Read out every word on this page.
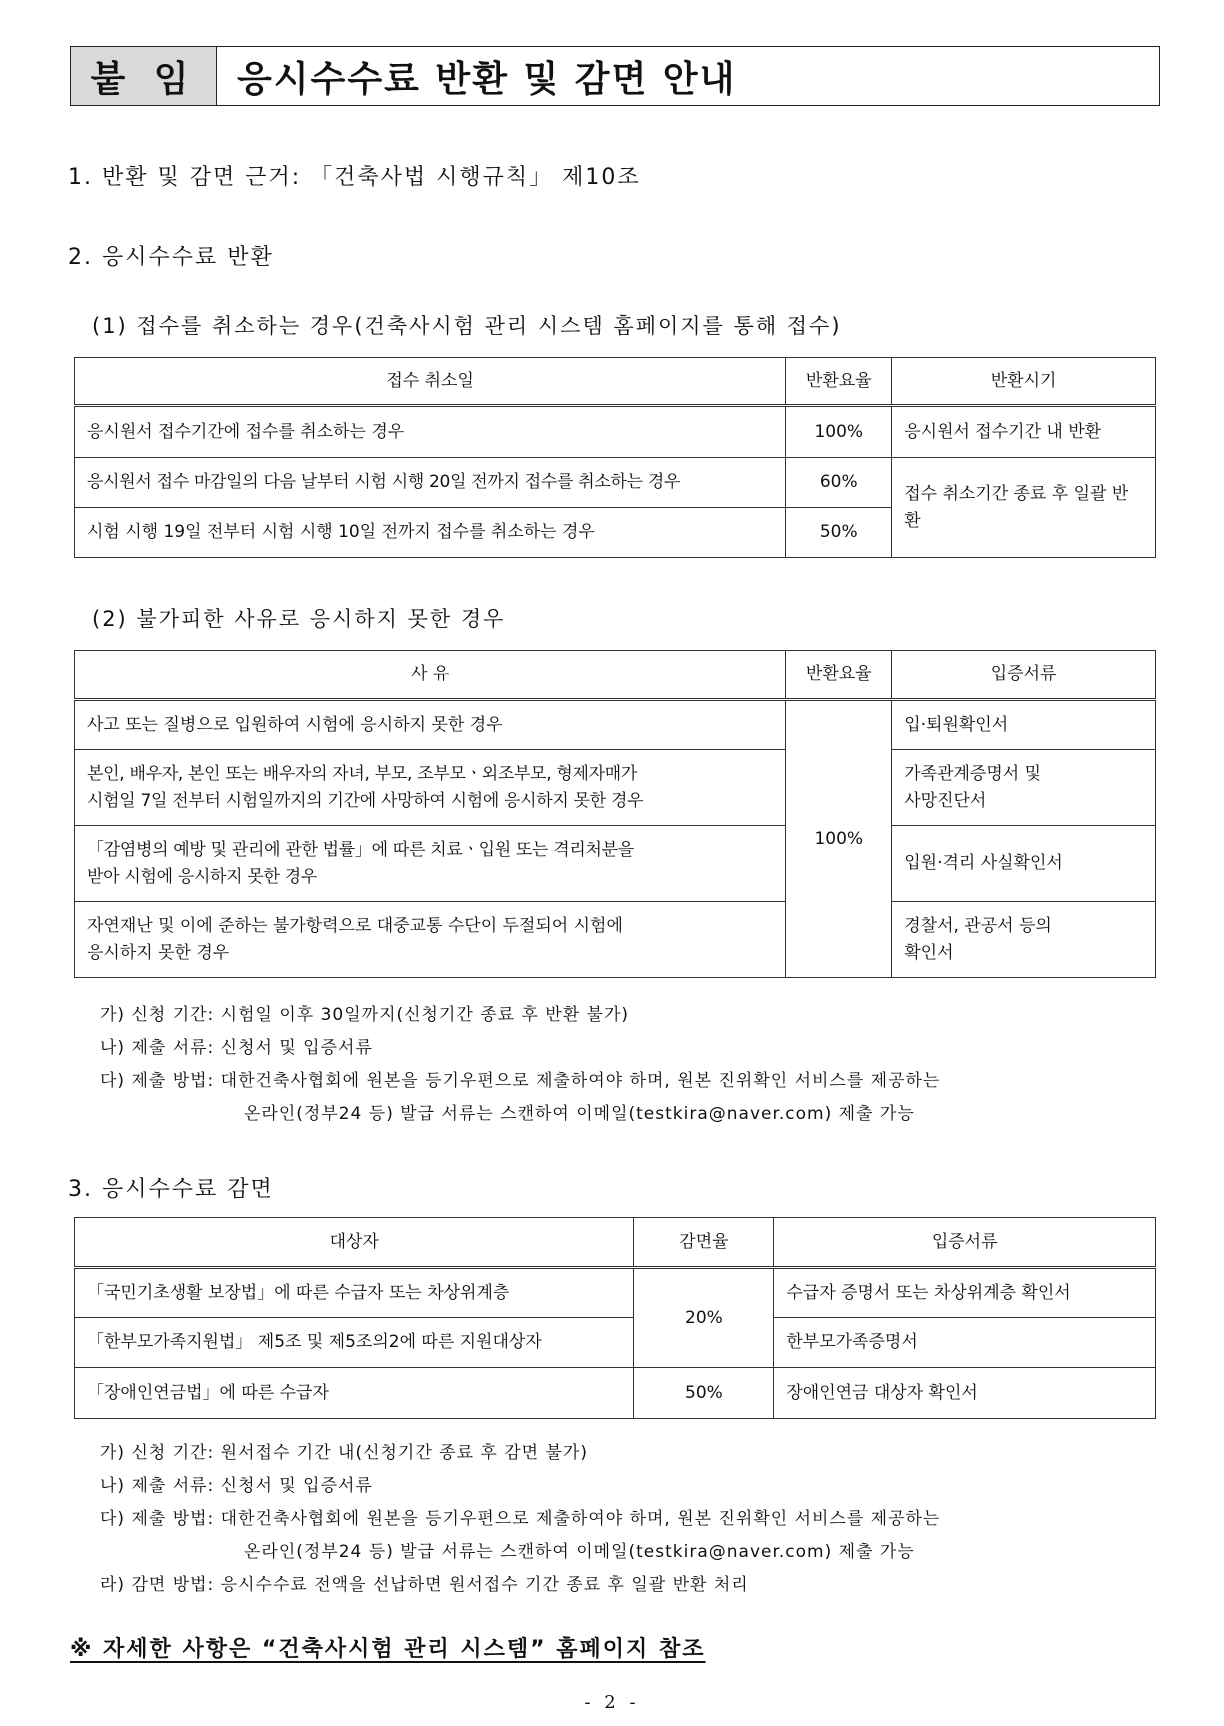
붙 임	응시수수료 반환 및 감면 안내
1. 반환 및 감면 근거: 「건축사법 시행규칙」 제10조
2. 응시수수료 반환
(1) 접수를 취소하는 경우(건축사시험 관리 시스템 홈페이지를 통해 접수)
접수 취소일	반환요율	반환시기
응시원서 접수기간에 접수를 취소하는 경우	100%	응시원서 접수기간 내 반환
응시원서 접수 마감일의 다음 날부터 시험 시행 20일 전까지 접수를 취소하는 경우	60%	접수 취소기간 종료 후 일괄 반환
시험 시행 19일 전부터 시험 시행 10일 전까지 접수를 취소하는 경우	50%	
(2) 불가피한 사유로 응시하지 못한 경우
사 유	반환요율	입증서류
사고 또는 질병으로 입원하여 시험에 응시하지 못한 경우	100%	입·퇴원확인서
본인, 배우자, 본인 또는 배우자의 자녀, 부모, 조부모ㆍ외조부모, 형제자매가
시험일 7일 전부터 시험일까지의 기간에 사망하여 시험에 응시하지 못한 경우		가족관계증명서 및
사망진단서
「감염병의 예방 및 관리에 관한 법률」에 따른 치료ㆍ입원 또는 격리처분을
받아 시험에 응시하지 못한 경우		입원·격리 사실확인서
자연재난 및 이에 준하는 불가항력으로 대중교통 수단이 두절되어 시험에
응시하지 못한 경우		경찰서, 관공서 등의
확인서
가) 신청 기간: 시험일 이후 30일까지(신청기간 종료 후 반환 불가)
나) 제출 서류: 신청서 및 입증서류
다) 제출 방법: 대한건축사협회에 원본을 등기우편으로 제출하여야 하며, 원본 진위확인 서비스를 제공하는
온라인(정부24 등) 발급 서류는 스캔하여 이메일(testkira@naver.com) 제출 가능
3. 응시수수료 감면
대상자	감면율	입증서류
「국민기초생활 보장법」에 따른 수급자 또는 차상위계층	20%	수급자 증명서 또는 차상위계층 확인서
「한부모가족지원법」 제5조 및 제5조의2에 따른 지원대상자		한부모가족증명서
「장애인연금법」에 따른 수급자	50%	장애인연금 대상자 확인서
가) 신청 기간: 원서접수 기간 내(신청기간 종료 후 감면 불가)
나) 제출 서류: 신청서 및 입증서류
다) 제출 방법: 대한건축사협회에 원본을 등기우편으로 제출하여야 하며, 원본 진위확인 서비스를 제공하는
온라인(정부24 등) 발급 서류는 스캔하여 이메일(testkira@naver.com) 제출 가능
라) 감면 방법: 응시수수료 전액을 선납하면 원서접수 기간 종료 후 일괄 반환 처리
※ 자세한 사항은 “건축사시험 관리 시스템” 홈페이지 참조
- 2 -
